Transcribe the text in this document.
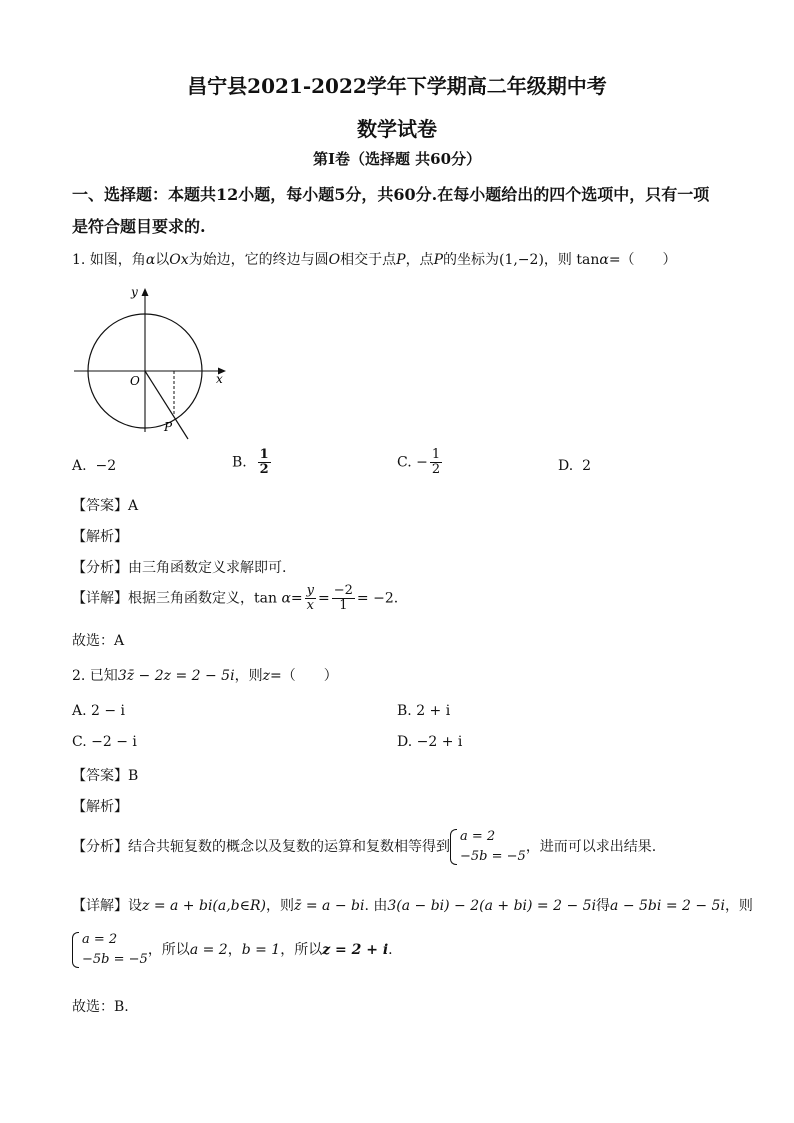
昌宁县2021-2022学年下学期高二年级期中考
数学试卷
第I卷（选择题 共60分）
一、选择题：本题共12小题，每小题5分，共60分.在每小题给出的四个选项中，只有一项
是符合题目要求的.
1. 如图，角α以Ox为始边，它的终边与圆O相交于点P，点P的坐标为(1,−2)，则 tanα=（　　）
y
x
O
P
A. −2	B. $\frac{1}{2}$	C. − $\frac{1}{2}$	D. 2
【答案】A
【解析】
【分析】由三角函数定义求解即可.
【详解】根据三角函数定义，$\tan \alpha= \frac{y}{x} = \frac{-2}{1} = -2$.
故选：A
2. 已知3z̄ − 2z = 2 − 5i，则z=（　　）
A. 2 − i	B. 2 + i
C. −2 − i	D. −2 + i
【答案】B
【解析】
【分析】结合共轭复数的概念以及复数的运算和复数相等得到
a = 2
−5b = −5
，进而可以求出结果.
【详解】设z = a + bi(a,b∈R)，则z̄ = a − bi. 由3(a − bi) − 2(a + bi) = 2 − 5i得a − 5bi = 2 − 5i，则
a = 2
−5b = −5
，所以a = 2，b = 1，所以z = 2 + i.
故选：B.
